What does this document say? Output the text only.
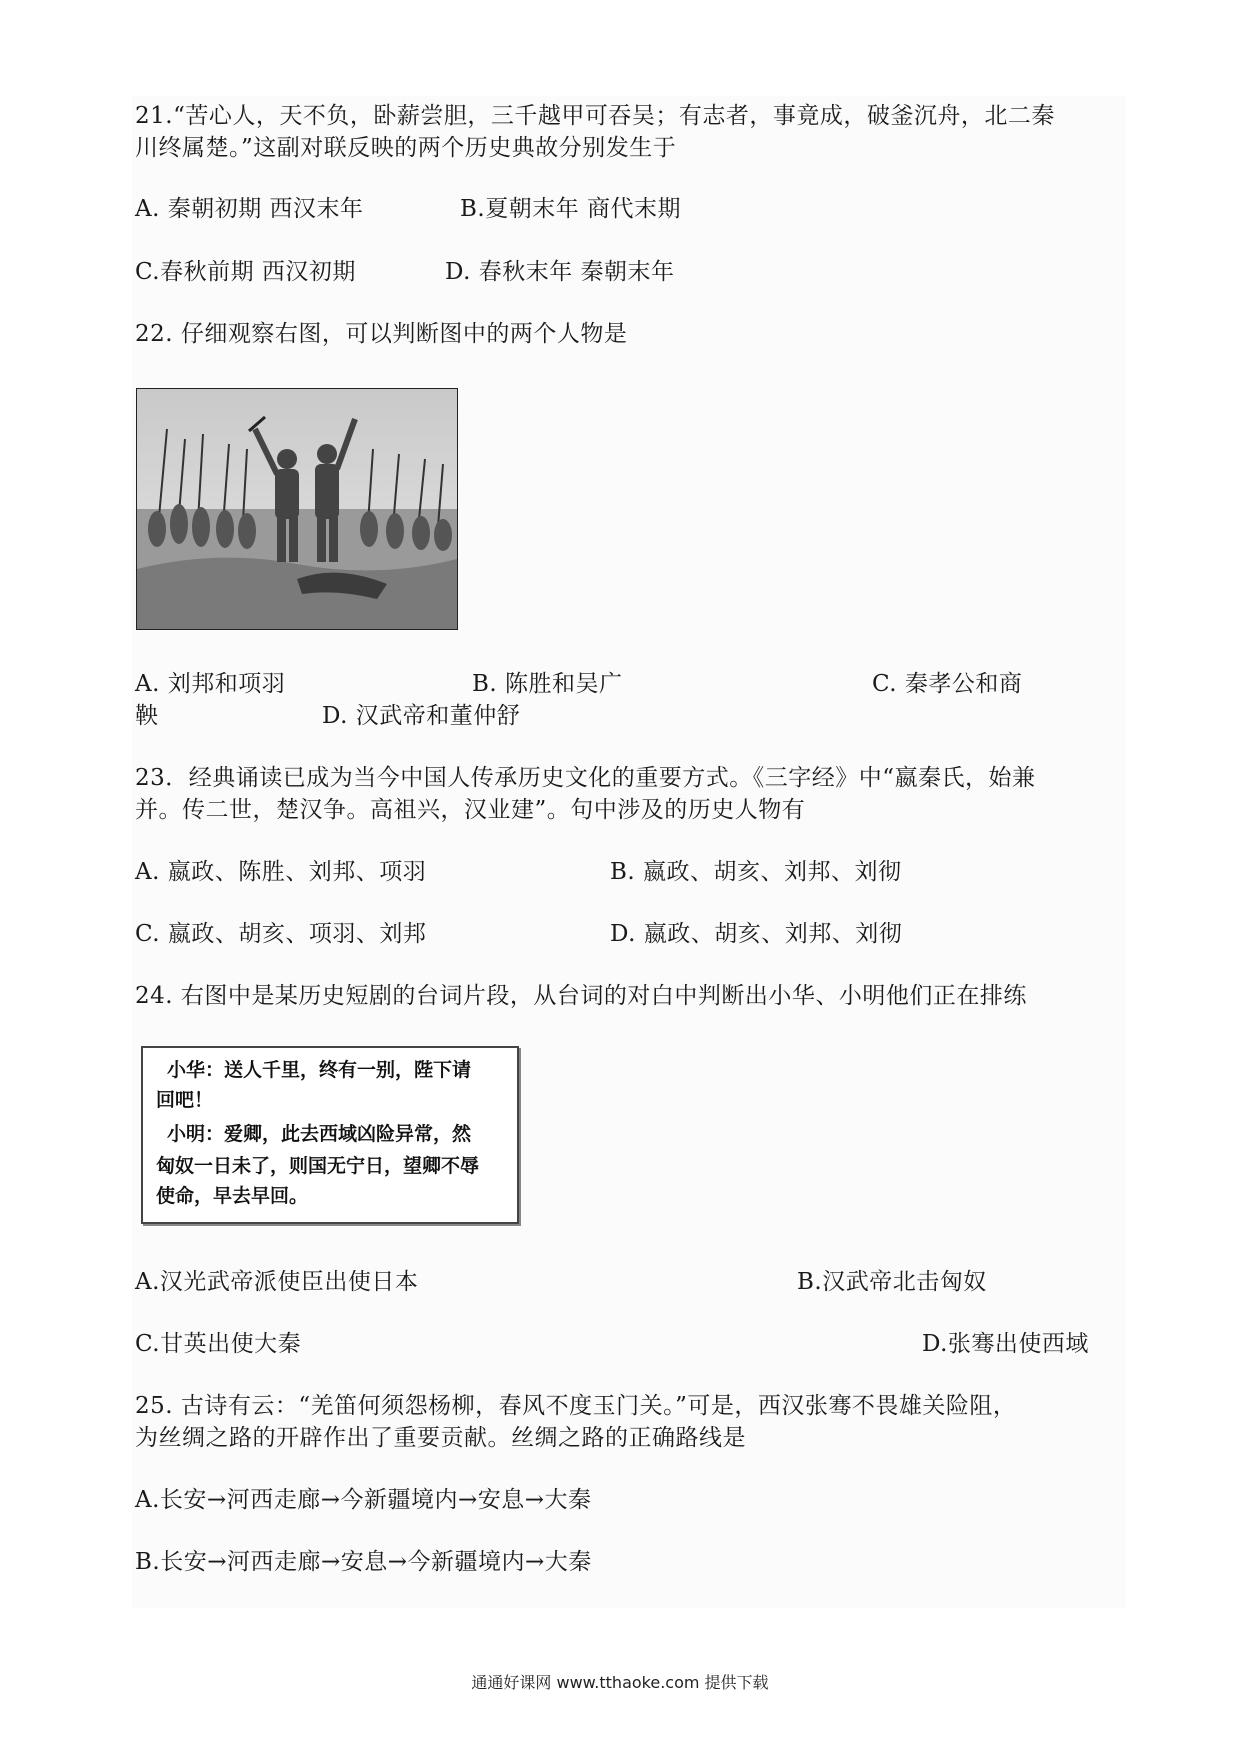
21.“苦心人，天不负，卧薪尝胆，三千越甲可吞吴；有志者，事竟成，破釜沉舟，北二秦
川终属楚。”这副对联反映的两个历史典故分别发生于
A. 秦朝初期 西汉末年	B.夏朝末年 商代末期
C.春秋前期 西汉初期	D. 春秋末年 秦朝末年
22. 仔细观察右图，可以判断图中的两个人物是
A. 刘邦和项羽	B. 陈胜和吴广	C. 秦孝公和商
鞅	D. 汉武帝和董仲舒
23．经典诵读已成为当今中国人传承历史文化的重要方式。《三字经》中“嬴秦氏，始兼
并。传二世，楚汉争。高祖兴，汉业建”。句中涉及的历史人物有
A. 嬴政、陈胜、刘邦、项羽	B. 嬴政、胡亥、刘邦、刘彻
C. 嬴政、胡亥、项羽、刘邦	D. 嬴政、胡亥、刘邦、刘彻
24. 右图中是某历史短剧的台词片段，从台词的对白中判断出小华、小明他们正在排练
小华：送人千里，终有一别，陛下请
回吧！
小明：爱卿，此去西域凶险异常，然
匈奴一日未了，则国无宁日，望卿不辱
使命，早去早回。
A.汉光武帝派使臣出使日本	B.汉武帝北击匈奴
C.甘英出使大秦	D.张骞出使西域
25. 古诗有云：“羌笛何须怨杨柳，春风不度玉门关。”可是，西汉张骞不畏雄关险阻，
为丝绸之路的开辟作出了重要贡献。丝绸之路的正确路线是
A.长安→河西走廊→今新疆境内→安息→大秦
B.长安→河西走廊→安息→今新疆境内→大秦
通通好课网 www.tthaoke.com 提供下载
